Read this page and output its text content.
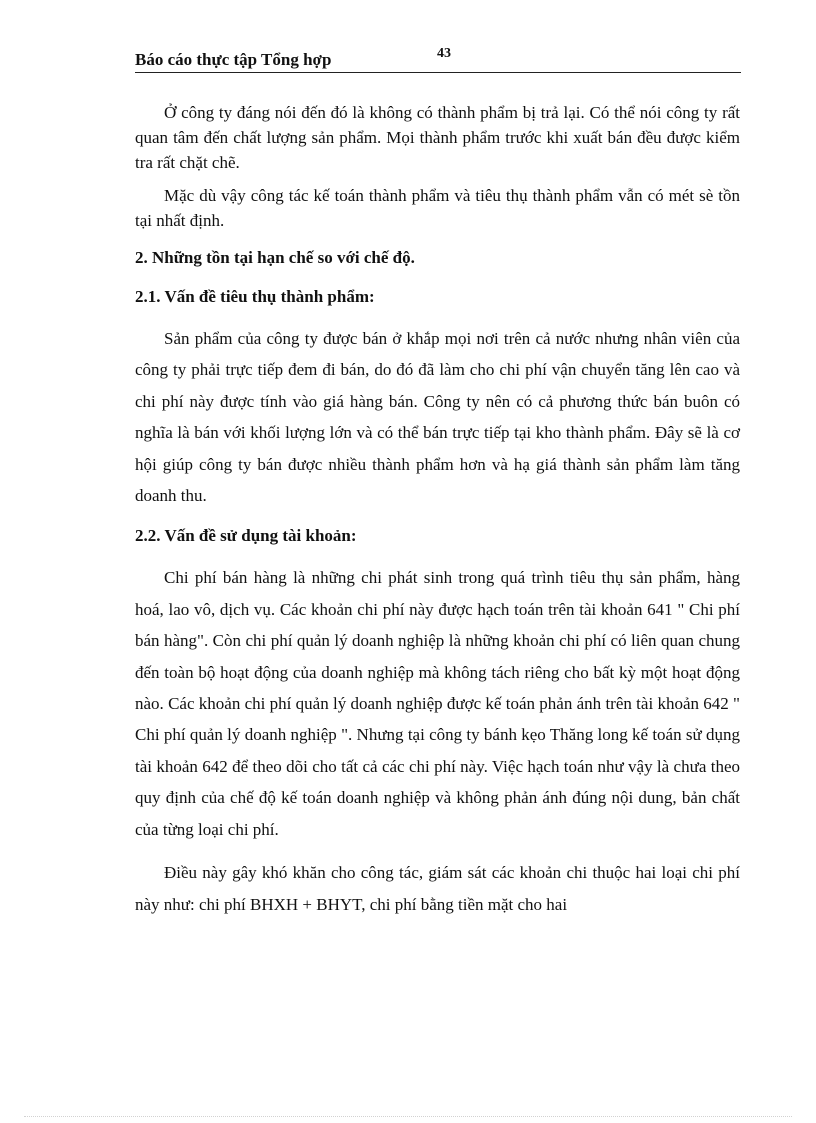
Báo cáo thực tập Tổng hợp	43

Ở công ty đáng nói đến đó là không có thành phẩm bị trả lại. Có thể nói công ty rất quan tâm đến chất lượng sản phẩm. Mọi thành phẩm trước khi xuất bán đều được kiểm tra rất chặt chẽ.

Mặc dù vậy công tác kế toán thành phẩm và tiêu thụ thành phẩm vẫn có mét sè tồn tại nhất định.

2. Những tồn tại hạn chế so với chế độ.

2.1. Vấn đề tiêu thụ thành phẩm:

Sản phẩm của công ty được bán ở khắp mọi nơi trên cả nước nhưng nhân viên của công ty phải trực tiếp đem đi bán, do đó đã làm cho chi phí vận chuyển tăng lên cao và chi phí này được tính vào giá hàng bán. Công ty nên có cả phương thức bán buôn có nghĩa là bán với khối lượng lớn và có thể bán trực tiếp tại kho thành phẩm. Đây sẽ là cơ hội giúp công ty bán được nhiều thành phẩm hơn và hạ giá thành sản phẩm làm tăng doanh thu.

2.2. Vấn đề sử dụng tài khoản:

Chi phí bán hàng là những chi phát sinh trong quá trình tiêu thụ sản phẩm, hàng hoá, lao vô, dịch vụ. Các khoản chi phí này được hạch toán trên tài khoản 641 " Chi phí bán hàng". Còn chi phí quản lý doanh nghiệp là những khoản chi phí có liên quan chung đến toàn bộ hoạt động của doanh nghiệp mà không tách riêng cho bất kỳ một hoạt động nào. Các khoản chi phí quản lý doanh nghiệp được kế toán phản ánh trên tài khoản 642 " Chi phí quản lý doanh nghiệp ". Nhưng tại công ty bánh kẹo Thăng long kế toán sử dụng tài khoản 642 để theo dõi cho tất cả các chi phí này. Việc hạch toán như vậy là chưa theo quy định của chế độ kế toán doanh nghiệp và không phản ánh đúng nội dung, bản chất của từng loại chi phí.

Điều này gây khó khăn cho công tác, giám sát các khoản chi thuộc hai loại chi phí này như: chi phí BHXH + BHYT, chi phí bằng tiền mặt cho hai
